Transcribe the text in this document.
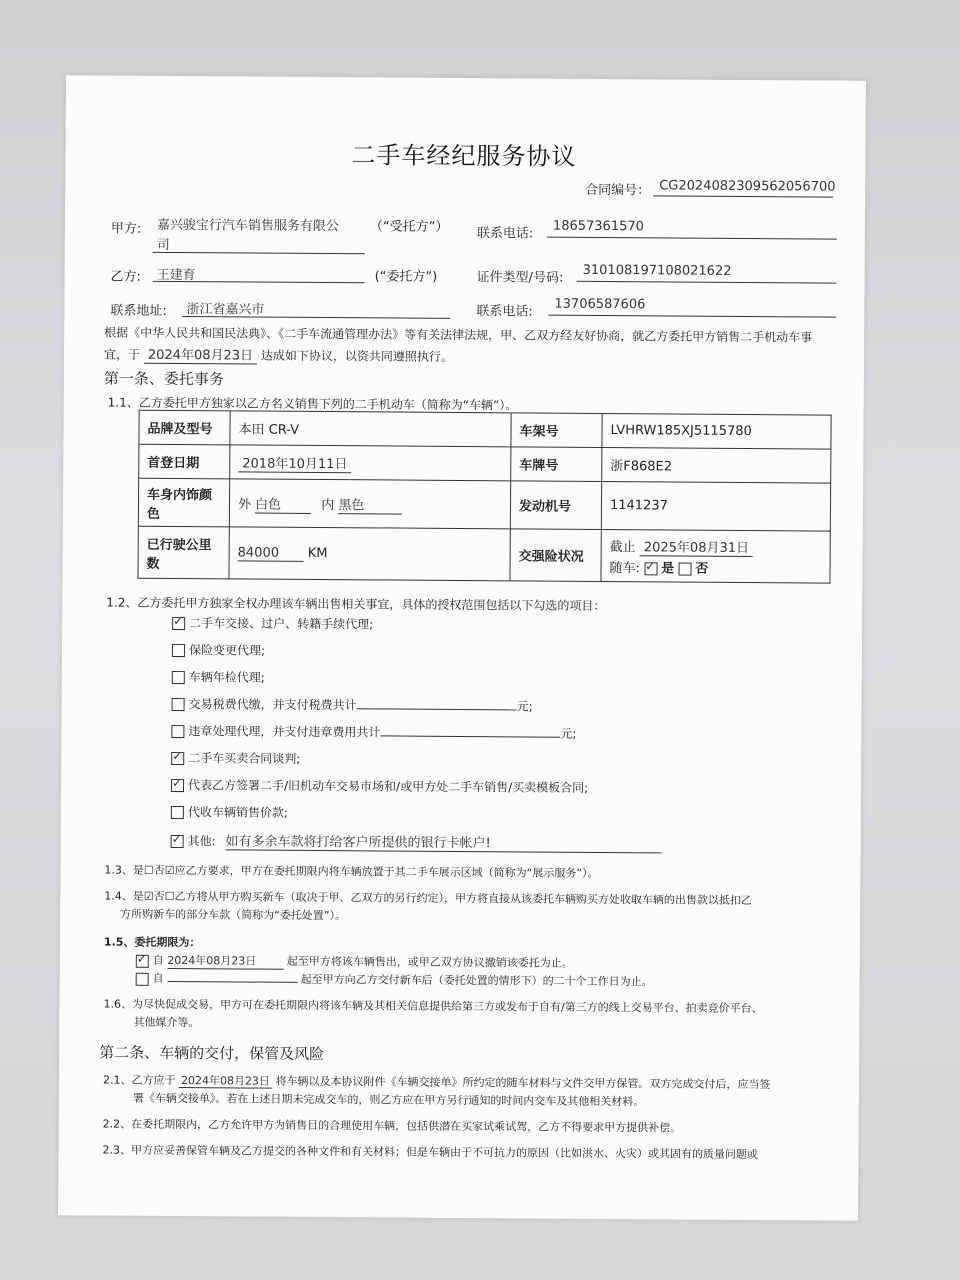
二手车经纪服务协议
合同编号： CG2024082309562056700
甲方: 嘉兴骏宝行汽车销售服务有限公
司
（“受托方”） 联系电话: 18657361570
乙方: 王建育	(“委托方”)	证件类型/号码: 310108197108021622
联系地址: 浙江省嘉兴市	联系电话: 13706587606
根据《中华人民共和国民法典》、《二手车流通管理办法》等有关法律法规，甲、乙双方经友好协商，就乙方委托甲方销售二手机动车事
宜，于 2024年08月23日 达成如下协议，以资共同遵照执行。
第一条、委托事务
1.1、乙方委托甲方独家以乙方名义销售下列的二手机动车（简称为“车辆”）。
品牌及型号	本田 CR-V	车架号	LVHRW185XJ5115780
首登日期	2018年10月11日	车牌号	浙F868E2
车身内饰颜色	外 白色 内 黑色	发动机号	1141237
已行驶公里数	84000 KM	交强险状况	截止 2025年08月31日
随车: ✓ 是 否
1.2、乙方委托甲方独家全权办理该车辆出售相关事宜，具体的授权范围包括以下勾选的项目：
✓二手车交接、过户、转籍手续代理;
保险变更代理;
车辆年检代理;
交易税费代缴，并支付税费共计	元;
违章处理代理，并支付违章费用共计	元;
✓二手车买卖合同谈判;
✓代表乙方签署二手/旧机动车交易市场和/或甲方处二手车销售/买卖模板合同;
代收车辆销售价款;
✓其他: 如有多余车款将打给客户所提供的银行卡帐户!
1.3、是☐否☑应乙方要求，甲方在委托期限内将车辆放置于其二手车展示区域（简称为“展示服务”）。
1.4、是☑否☐乙方将从甲方购买新车（取决于甲、乙双方的另行约定），甲方将直接从该委托车辆购买方处收取车辆的出售款以抵扣乙
方所购新车的部分车款（简称为“委托处置”）。
1.5、委托期限为：
✓自 2024年08月23日	起至甲方将该车辆售出，或甲乙双方协议撤销该委托为止。
自	起至甲方向乙方交付新车后（委托处置的情形下）的二十个工作日为止。
1.6、为尽快促成交易，甲方可在委托期限内将该车辆及其相关信息提供给第三方或发布于自有/第三方的线上交易平台、拍卖竞价平台、
其他媒介等。
第二条、车辆的交付，保管及风险
2.1、乙方应于 2024年08月23日 将车辆以及本协议附件《车辆交接单》所约定的随车材料与文件交甲方保管。双方完成交付后，应当签
署《车辆交接单》。若在上述日期未完成交车的，则乙方应在甲方另行通知的时间内交车及其他相关材料。
2.2、在委托期限内，乙方允许甲方为销售目的合理使用车辆，包括供潜在买家试乘试驾，乙方不得要求甲方提供补偿。
2.3、甲方应妥善保管车辆及乙方提交的各种文件和有关材料；但是车辆由于不可抗力的原因（比如洪水、火灾）或其固有的质量问题或
